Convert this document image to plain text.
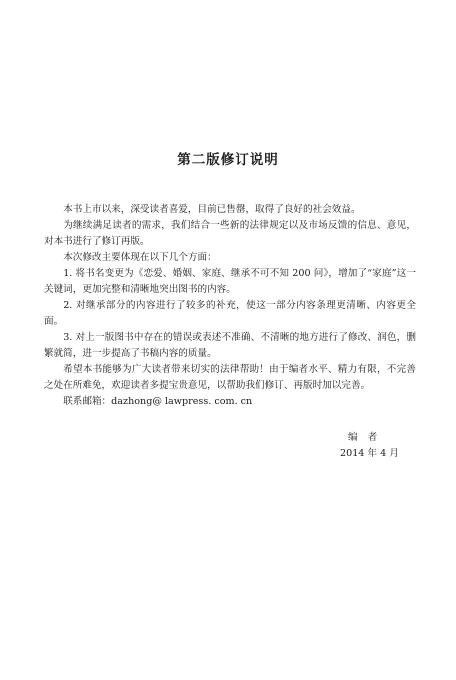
第二版修订说明

本书上市以来，深受读者喜爱，目前已售罄，取得了良好的社会效益。

为继续满足读者的需求，我们结合一些新的法律规定以及市场反馈的信息、意见，对本书进行了修订再版。

本次修改主要体现在以下几个方面：

1. 将书名变更为《恋爱、婚姻、家庭、继承不可不知 200 问》，增加了“家庭”这一关键词，更加完整和清晰地突出图书的内容。

2. 对继承部分的内容进行了较多的补充，使这一部分内容条理更清晰、内容更全面。

3. 对上一版图书中存在的错误或表述不准确、不清晰的地方进行了修改、润色，删繁就简，进一步提高了书稿内容的质量。

希望本书能够为广大读者带来切实的法律帮助！由于编者水平、精力有限，不完善之处在所难免，欢迎读者多提宝贵意见，以帮助我们修订、再版时加以完善。

联系邮箱：dazhong@ lawpress. com. cn

编者
2014 年 4 月
